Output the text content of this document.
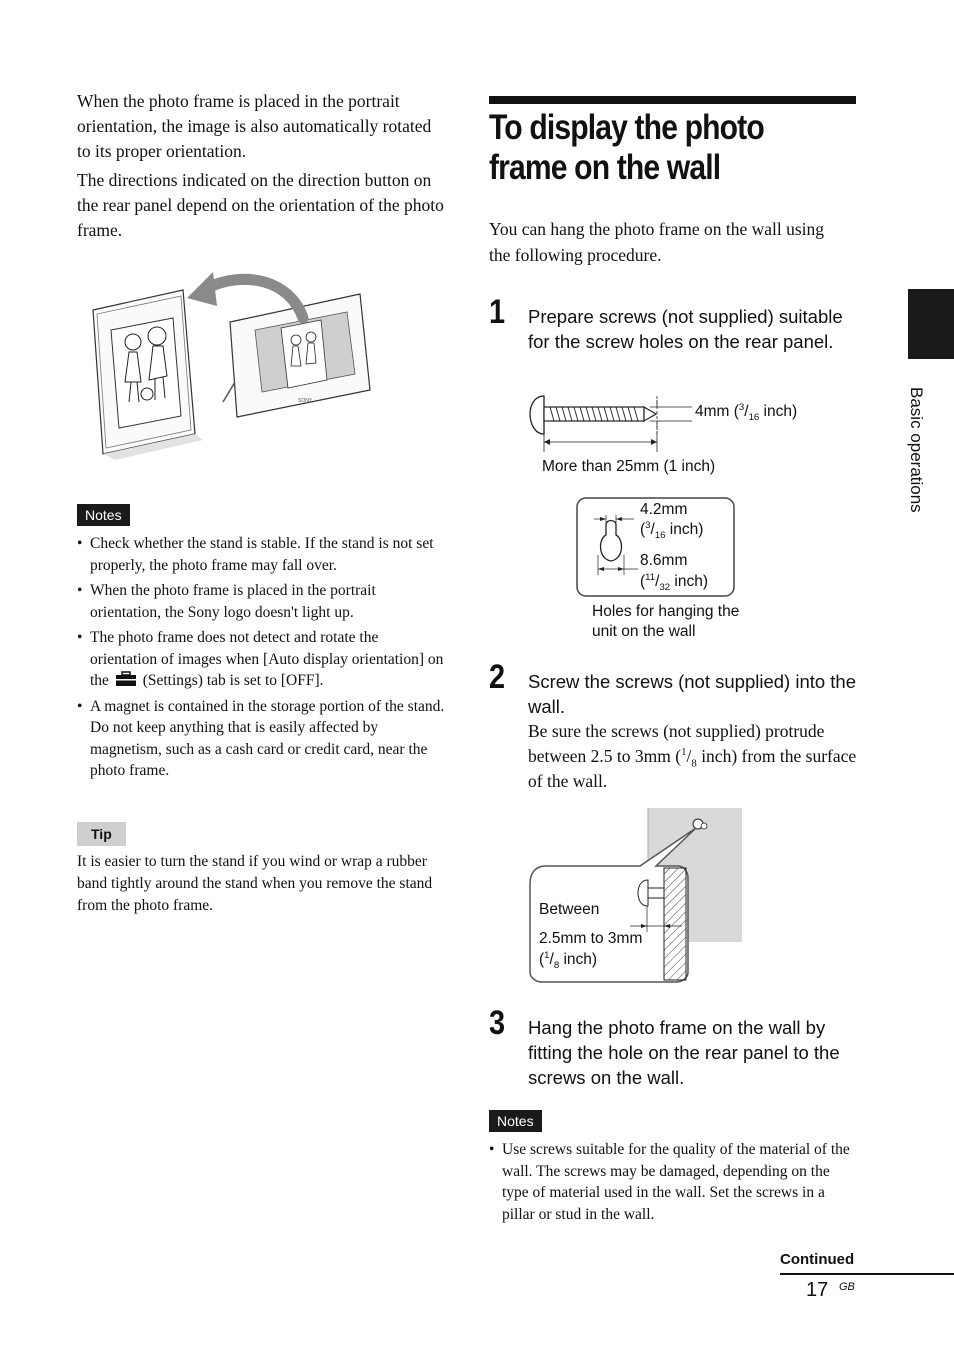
When the photo frame is placed in the portrait orientation, the image is also automatically rotated to its proper orientation.

The directions indicated on the direction button on the rear panel depend on the orientation of the photo frame.

SONY
Notes
• Check whether the stand is stable. If the stand is not set properly, the photo frame may fall over.
• When the photo frame is placed in the portrait orientation, the Sony logo doesn't light up.
• The photo frame does not detect and rotate the orientation of images when [Auto display orientation] on the (Settings) tab is set to [OFF].
• A magnet is contained in the storage portion of the stand. Do not keep anything that is easily affected by magnetism, such as a cash card or credit card, near the photo frame.
Tip

It is easier to turn the stand if you wind or wrap a rubber band tightly around the stand when you remove the stand from the photo frame.

To display the photo frame on the wall
You can hang the photo frame on the wall using the following procedure.
1 Prepare screws (not supplied) suitable for the screw holes on the rear panel.
4mm ($^3/_{16}$ inch)
More than 25mm (1 inch)
4.2mm
($^3/_{16}$ inch)
8.6mm
($^{11}/_{32}$ inch)
Holes for hanging the unit on the wall
2 Screw the screws (not supplied) into the wall.
Be sure the screws (not supplied) protrude between 2.5 to 3mm ($^1/_8$ inch) from the surface of the wall.
Between
2.5mm to 3mm
($^1/_8$ inch)
3 Hang the photo frame on the wall by fitting the hole on the rear panel to the screws on the wall.
Notes
• Use screws suitable for the quality of the material of the wall. The screws may be damaged, depending on the type of material used in the wall. Set the screws in a pillar or stud in the wall.
Basic operations
Continued
17 GB
